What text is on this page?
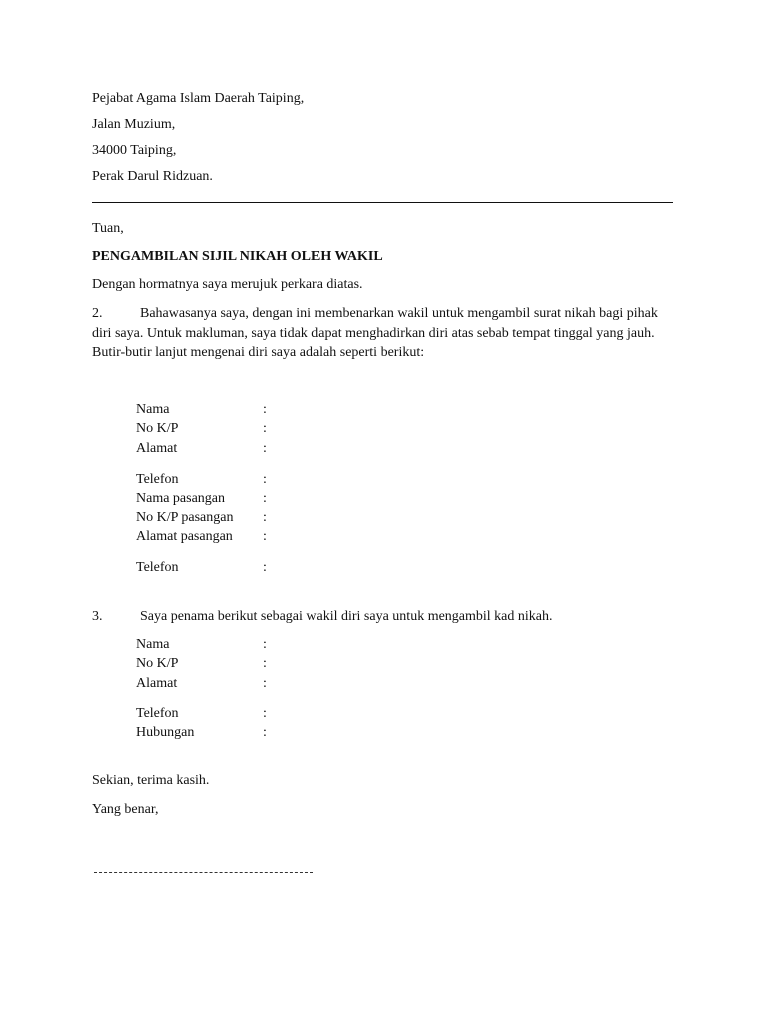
Pejabat Agama Islam Daerah Taiping,
Jalan Muzium,
34000 Taiping,
Perak Darul Ridzuan.
Tuan,
PENGAMBILAN SIJIL NIKAH OLEH WAKIL
Dengan hormatnya saya merujuk perkara diatas.
2.	Bahawasanya saya, dengan ini membenarkan wakil untuk mengambil surat nikah bagi pihak diri saya. Untuk makluman, saya tidak dapat menghadirkan diri atas sebab tempat tinggal yang jauh. Butir-butir lanjut mengenai diri saya adalah seperti berikut:
Nama	:
No K/P	:
Alamat	:
Telefon	:
Nama pasangan	:
No K/P pasangan :
Alamat pasangan :
Telefon	:
3.	Saya penama berikut sebagai wakil diri saya untuk mengambil kad nikah.
Nama	:
No K/P	:
Alamat	:
Telefon	:
Hubungan	:
Sekian, terima kasih.
Yang benar,
